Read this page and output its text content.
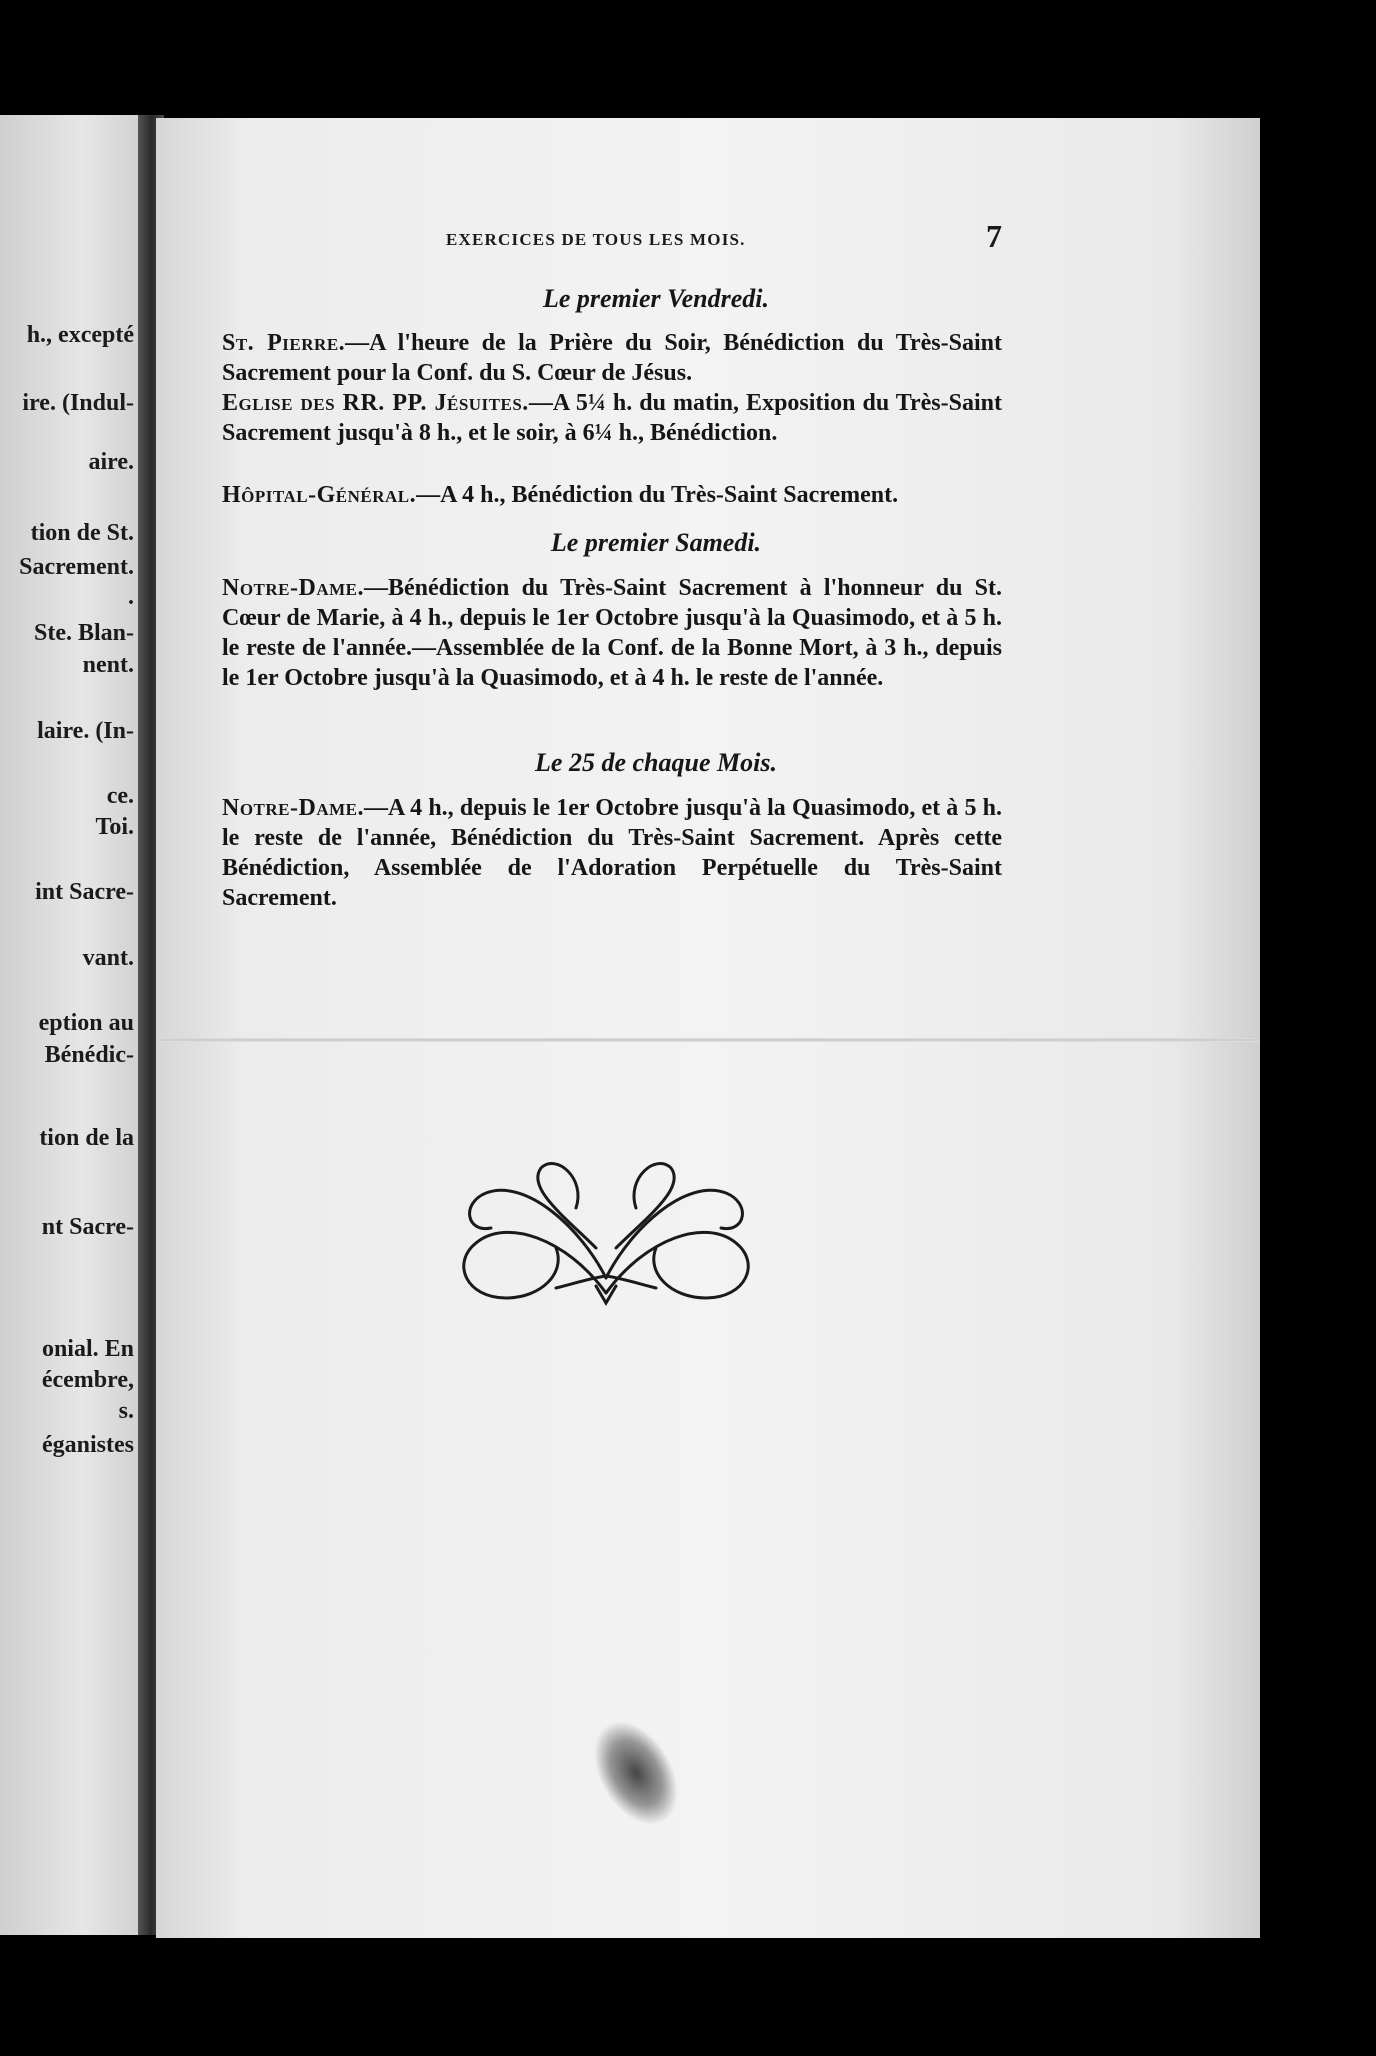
h., excepté
ire. (Indul-
aire.
tion de St.
Sacrement.
.
Ste. Blan-
nent.
laire. (In-
ce.
Toi.
int Sacre-
vant.
eption au
Bénédic-
tion de la
nt Sacre-
onial. En
écembre,
s.
éganistes
EXERCICES DE TOUS LES MOIS.	7
Le premier Vendredi.
St. Pierre.—A l'heure de la Prière du Soir, Bénédiction du Très-Saint Sacrement pour la Conf. du S. Cœur de Jésus.
Eglise des RR. PP. Jésuites.—A 5¼ h. du matin, Exposition du Très-Saint Sacrement jusqu'à 8 h., et le soir, à 6¼ h., Bénédiction.
Hôpital-Général.—A 4 h., Bénédiction du Très-Saint Sacrement.
Le premier Samedi.
Notre-Dame.—Bénédiction du Très-Saint Sacrement à l'honneur du St. Cœur de Marie, à 4 h., depuis le 1er Octobre jusqu'à la Quasimodo, et à 5 h. le reste de l'année.—Assemblée de la Conf. de la Bonne Mort, à 3 h., depuis le 1er Octobre jusqu'à la Quasimodo, et à 4 h. le reste de l'année.
Le 25 de chaque Mois.
Notre-Dame.—A 4 h., depuis le 1er Octobre jusqu'à la Quasimodo, et à 5 h. le reste de l'année, Bénédiction du Très-Saint Sacrement. Après cette Bénédiction, Assemblée de l'Adoration Perpétuelle du Très-Saint Sacrement.
